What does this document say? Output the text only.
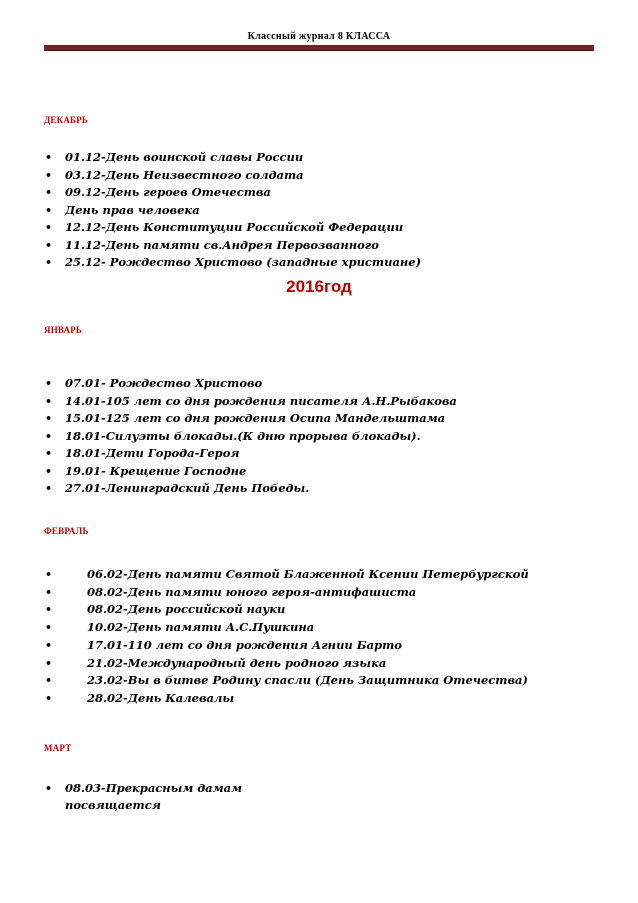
Классный журнал 8 КЛАССА
ДЕКАБРЬ
• 01.12-День воинской славы России
• 03.12-День Неизвестного солдата
• 09.12-День героев Отечества
• День прав человека
• 12.12-День Конституции Российской Федерации
• 11.12-День памяти св.Андрея Первозванного
• 25.12- Рождество Христово (западные христиане)
2016год
ЯНВАРЬ
• 07.01- Рождество Христово
• 14.01-105 лет со дня рождения писателя А.Н.Рыбакова
• 15.01-125 лет со дня рождения Осипа Мандельштама
• 18.01-Силуэты блокады.(К дню прорыва блокады).
• 18.01-Дети Города-Героя
• 19.01- Крещение Господне
• 27.01-Ленинградский День Победы.
ФЕВРАЛЬ
•	06.02-День памяти Святой Блаженной Ксении Петербургской
•	08.02-День памяти юного героя-антифашиста
•	08.02-День российской науки
•	10.02-День памяти А.С.Пушкина
•	17.01-110 лет со дня рождения Агнии Барто
•	21.02-Международный день родного языка
•	23.02-Вы в битве Родину спасли (День Защитника Отечества)
•	28.02-День Калевалы
МАРТ
• 08.03-Прекрасным дамам посвящается
